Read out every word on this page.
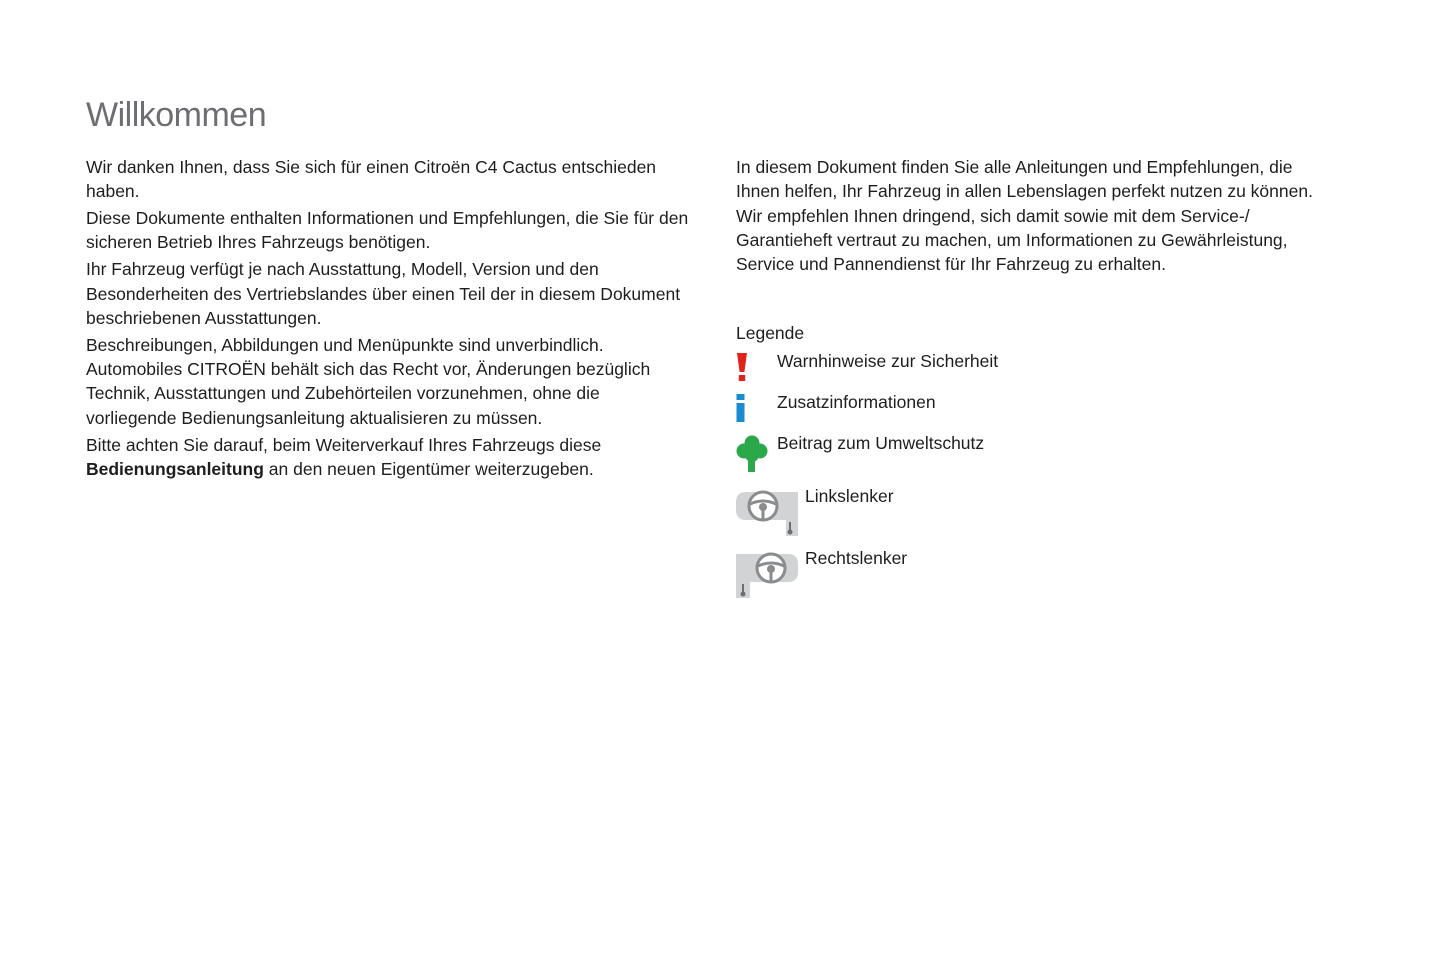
Willkommen

Wir danken Ihnen, dass Sie sich für einen Citroën C4 Cactus entschieden haben.

Diese Dokumente enthalten Informationen und Empfehlungen, die Sie für den sicheren Betrieb Ihres Fahrzeugs benötigen.

Ihr Fahrzeug verfügt je nach Ausstattung, Modell, Version und den Besonderheiten des Vertriebslandes über einen Teil der in diesem Dokument beschriebenen Ausstattungen.

Beschreibungen, Abbildungen und Menüpunkte sind unverbindlich. Automobiles CITROËN behält sich das Recht vor, Änderungen bezüglich Technik, Ausstattungen und Zubehörteilen vorzunehmen, ohne die vorliegende Bedienungsanleitung aktualisieren zu müssen.

Bitte achten Sie darauf, beim Weiterverkauf Ihres Fahrzeugs diese Bedienungsanleitung an den neuen Eigentümer weiterzugeben.

In diesem Dokument finden Sie alle Anleitungen und Empfehlungen, die Ihnen helfen, Ihr Fahrzeug in allen Lebenslagen perfekt nutzen zu können. Wir empfehlen Ihnen dringend, sich damit sowie mit dem Service-/ Garantieheft vertraut zu machen, um Informationen zu Gewährleistung, Service und Pannendienst für Ihr Fahrzeug zu erhalten.

Legende
Warnhinweise zur Sicherheit
Zusatzinformationen
Beitrag zum Umweltschutz
Linkslenker
Rechtslenker
